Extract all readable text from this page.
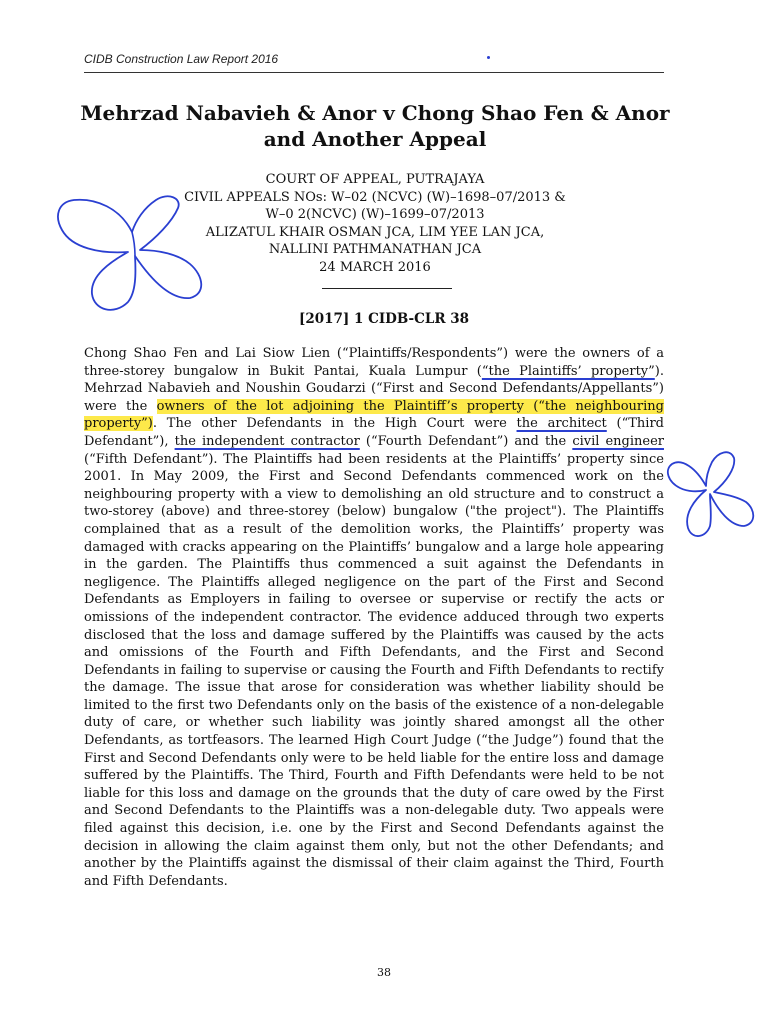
CIDB Construction Law Report 2016
Mehrzad Nabavieh & Anor v Chong Shao Fen & Anor and Another Appeal
COURT OF APPEAL, PUTRAJAYA
CIVIL APPEALS NOs: W–02 (NCVC) (W)–1698–07/2013 &
W–0 2(NCVC) (W)–1699–07/2013
ALIZATUL KHAIR OSMAN JCA, LIM YEE LAN JCA,
NALLINI PATHMANATHAN JCA
24 MARCH 2016
[2017] 1 CIDB-CLR 38
Chong Shao Fen and Lai Siow Lien (“Plaintiffs/Respondents”) were the owners of a three-storey bungalow in Bukit Pantai, Kuala Lumpur (“the Plaintiffs’ property”). Mehrzad Nabavieh and Noushin Goudarzi (“First and Second Defendants/Appellants”) were the owners of the lot adjoining the Plaintiff’s property (“the neighbouring property”). The other Defendants in the High Court were the architect (“Third Defendant”), the independent contractor (“Fourth Defendant”) and the civil engineer (“Fifth Defendant”). The Plaintiffs had been residents at the Plaintiffs’ property since 2001. In May 2009, the First and Second Defendants commenced work on the neighbouring property with a view to demolishing an old structure and to construct a two-storey (above) and three-storey (below) bungalow ("the project"). The Plaintiffs complained that as a result of the demolition works, the Plaintiffs’ property was damaged with cracks appearing on the Plaintiffs’ bungalow and a large hole appearing in the garden. The Plaintiffs thus commenced a suit against the Defendants in negligence. The Plaintiffs alleged negligence on the part of the First and Second Defendants as Employers in failing to oversee or supervise or rectify the acts or omissions of the independent contractor. The evidence adduced through two experts disclosed that the loss and damage suffered by the Plaintiffs was caused by the acts and omissions of the Fourth and Fifth Defendants, and the First and Second Defendants in failing to supervise or causing the Fourth and Fifth Defendants to rectify the damage. The issue that arose for consideration was whether liability should be limited to the first two Defendants only on the basis of the existence of a non-delegable duty of care, or whether such liability was jointly shared amongst all the other Defendants, as tortfeasors. The learned High Court Judge (“the Judge”) found that the First and Second Defendants only were to be held liable for the entire loss and damage suffered by the Plaintiffs. The Third, Fourth and Fifth Defendants were held to be not liable for this loss and damage on the grounds that the duty of care owed by the First and Second Defendants to the Plaintiffs was a non-delegable duty. Two appeals were filed against this decision, i.e. one by the First and Second Defendants against the decision in allowing the claim against them only, but not the other Defendants; and another by the Plaintiffs against the dismissal of their claim against the Third, Fourth and Fifth Defendants.
38
